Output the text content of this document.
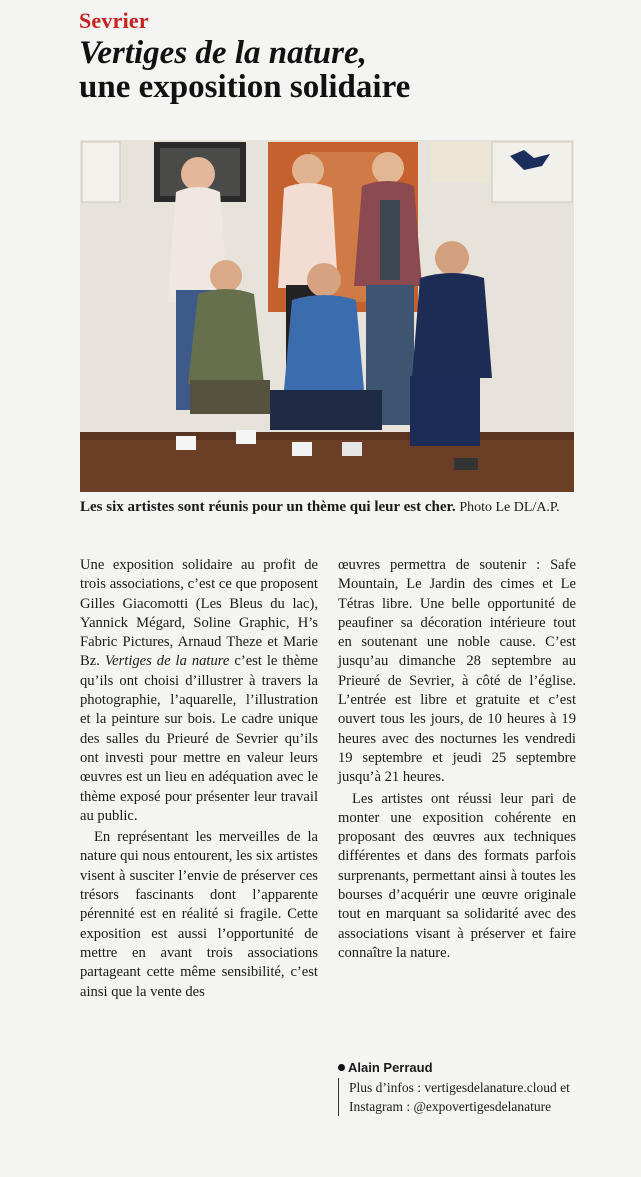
Sevrier
Vertiges de la nature,
une exposition solidaire
Les six artistes sont réunis pour un thème qui leur est cher. Photo Le DL/A.P.

Une exposition solidaire au profit de trois associations, c’est ce que proposent Gilles Giacomotti (Les Bleus du lac), Yannick Mégard, Soline Graphic, H’s Fabric Pictures, Arnaud Theze et Marie Bz. Vertiges de la nature c’est le thème qu’ils ont choisi d’illustrer à travers la photographie, l’aquarelle, l’illustration et la peinture sur bois. Le cadre unique des salles du Prieuré de Sevrier qu’ils ont investi pour mettre en valeur leurs œuvres est un lieu en adéquation avec le thème exposé pour présenter leur travail au public.

En représentant les merveilles de la nature qui nous entourent, les six artistes visent à susciter l’envie de préserver ces trésors fascinants dont l’apparente pérennité est en réalité si fragile. Cette exposition est aussi l’opportunité de mettre en avant trois associations partageant cette même sensibilité, c’est ainsi que la vente des

œuvres permettra de soutenir : Safe Mountain, Le Jardin des cimes et Le Tétras libre. Une belle opportunité de peaufiner sa décoration intérieure tout en soutenant une noble cause. C’est jusqu’au dimanche 28 septembre au Prieuré de Sevrier, à côté de l’église. L’entrée est libre et gratuite et c’est ouvert tous les jours, de 10 heures à 19 heures avec des nocturnes les vendredi 19 septembre et jeudi 25 septembre jusqu’à 21 heures.

Les artistes ont réussi leur pari de monter une exposition cohérente en proposant des œuvres aux techniques différentes et dans des formats parfois surprenants, permettant ainsi à toutes les bourses d’acquérir une œuvre originale tout en marquant sa solidarité avec des associations visant à préserver et faire connaître la nature.

Alain Perraud
Plus d’infos : vertigesdelanature.cloud et Instagram : @expovertigesdelanature
